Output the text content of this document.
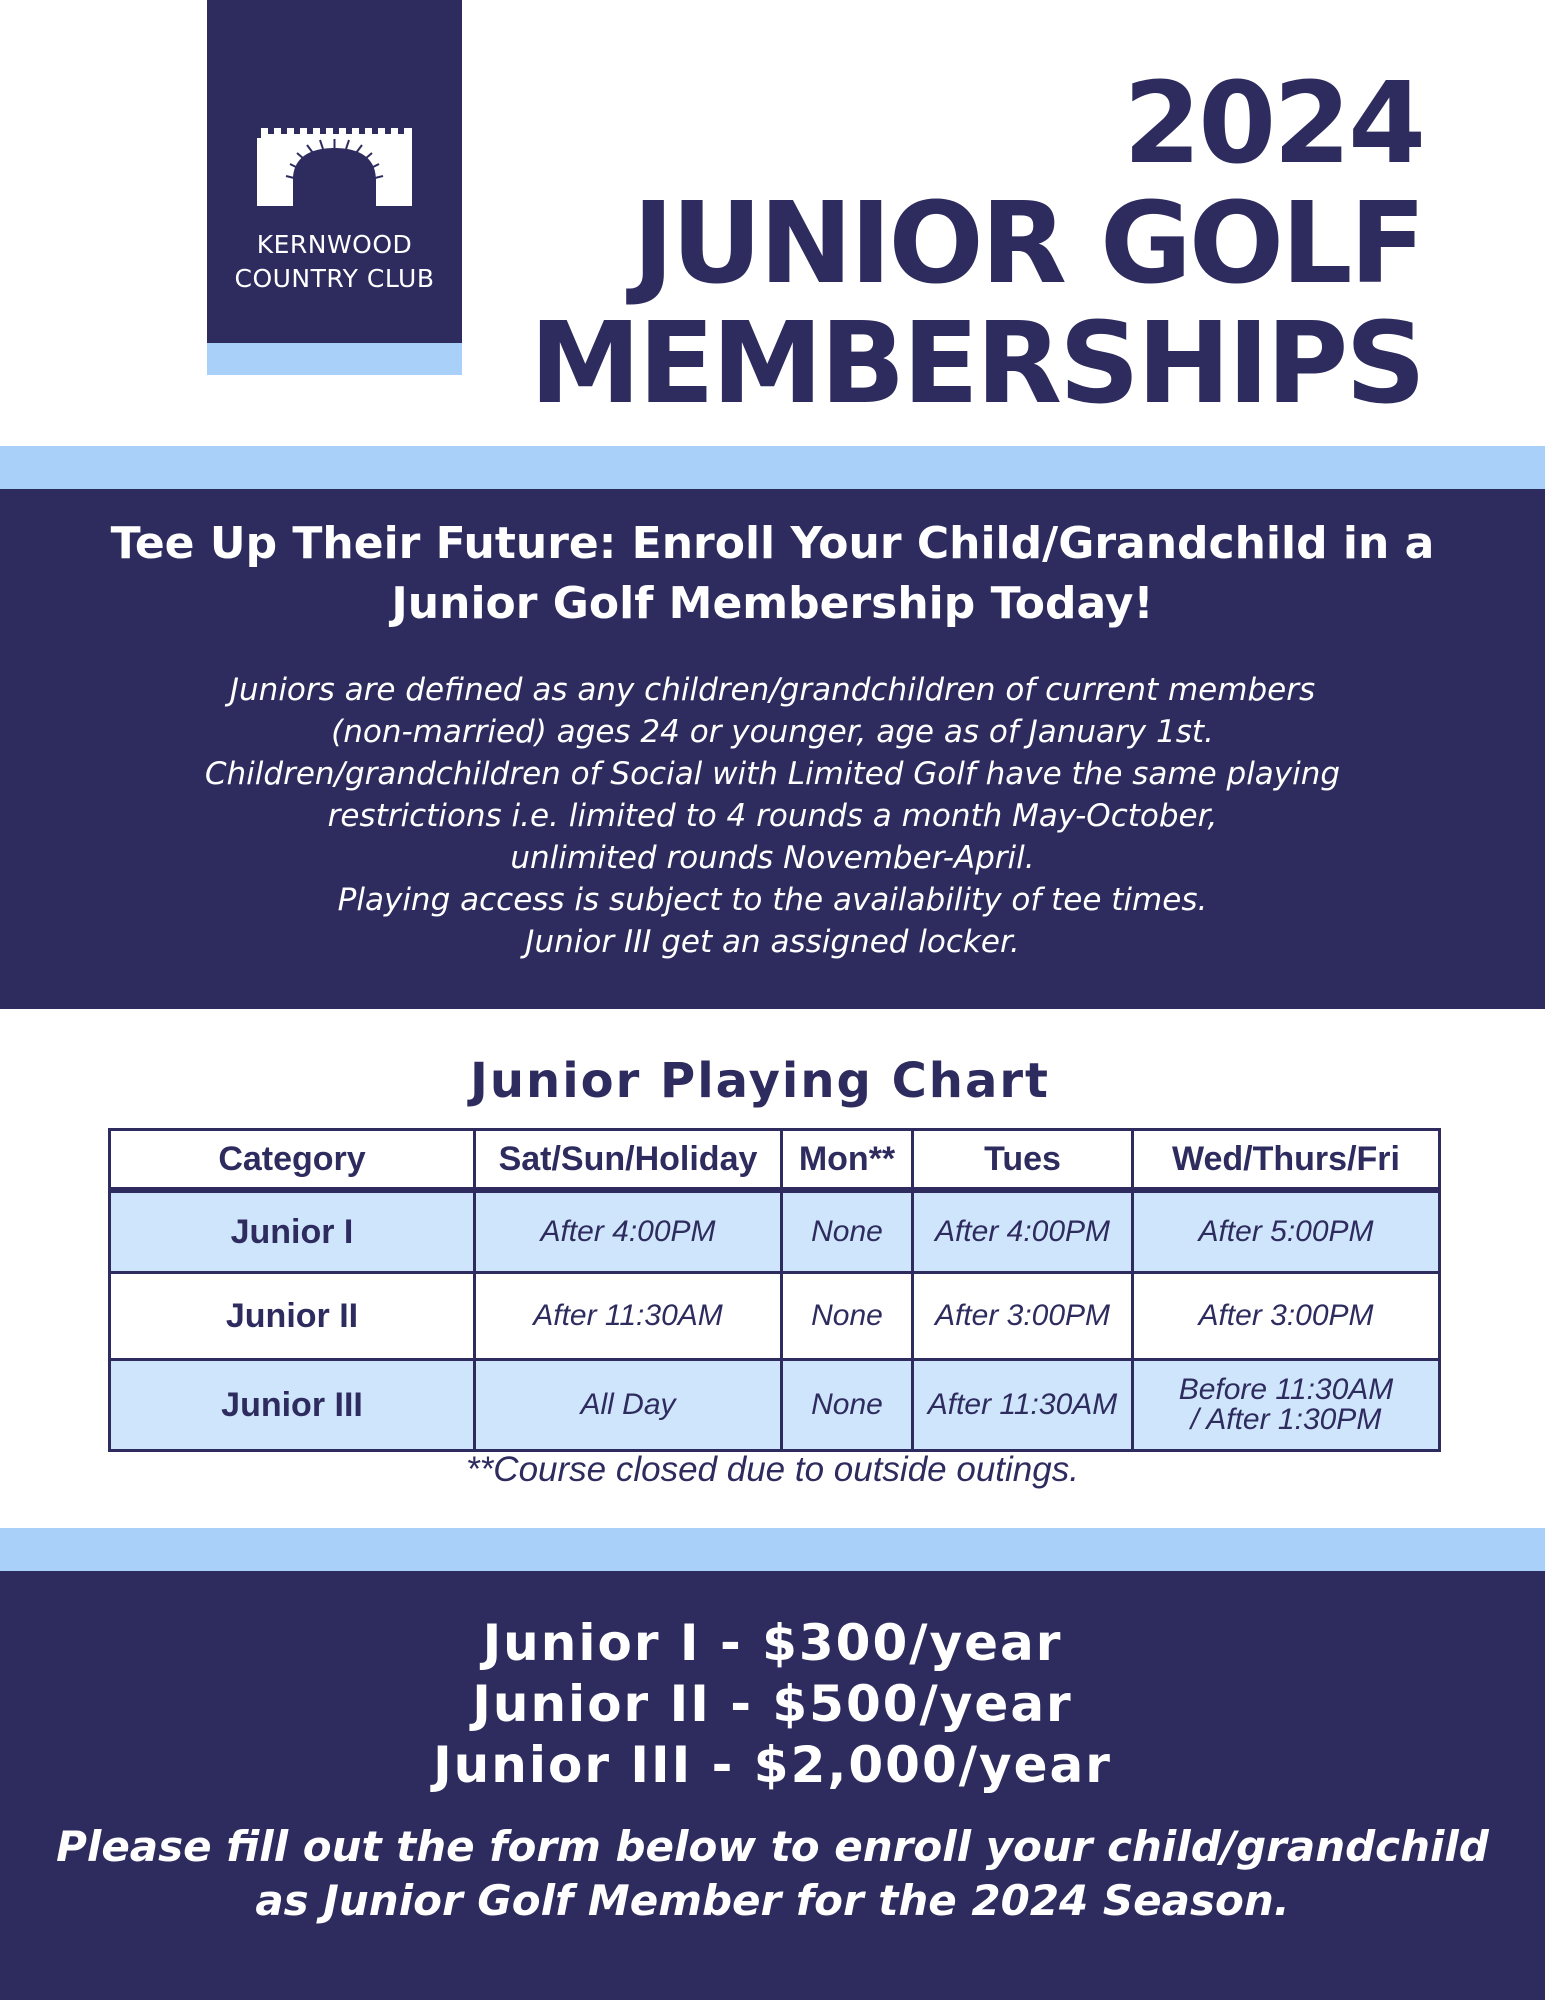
KERNWOOD
COUNTRY CLUB
2024
JUNIOR GOLF
MEMBERSHIPS
Tee Up Their Future: Enroll Your Child/Grandchild in a Junior Golf Membership Today!
Juniors are defined as any children/grandchildren of current members
(non-married) ages 24 or younger, age as of January 1st.
Children/grandchildren of Social with Limited Golf have the same playing
restrictions i.e. limited to 4 rounds a month May-October,
unlimited rounds November-April.
Playing access is subject to the availability of tee times.
Junior III get an assigned locker.
Junior Playing Chart
Category	Sat/Sun/Holiday	Mon**	Tues	Wed/Thurs/Fri
Junior I	After 4:00PM	None	After 4:00PM	After 5:00PM
Junior II	After 11:30AM	None	After 3:00PM	After 3:00PM
Junior III	All Day	None	After 11:30AM	Before 11:30AM
/ After 1:30PM

**Course closed due to outside outings.

Junior I - $300/year
Junior II - $500/year
Junior III - $2,000/year
Please fill out the form below to enroll your child/grandchild
as Junior Golf Member for the 2024 Season.
